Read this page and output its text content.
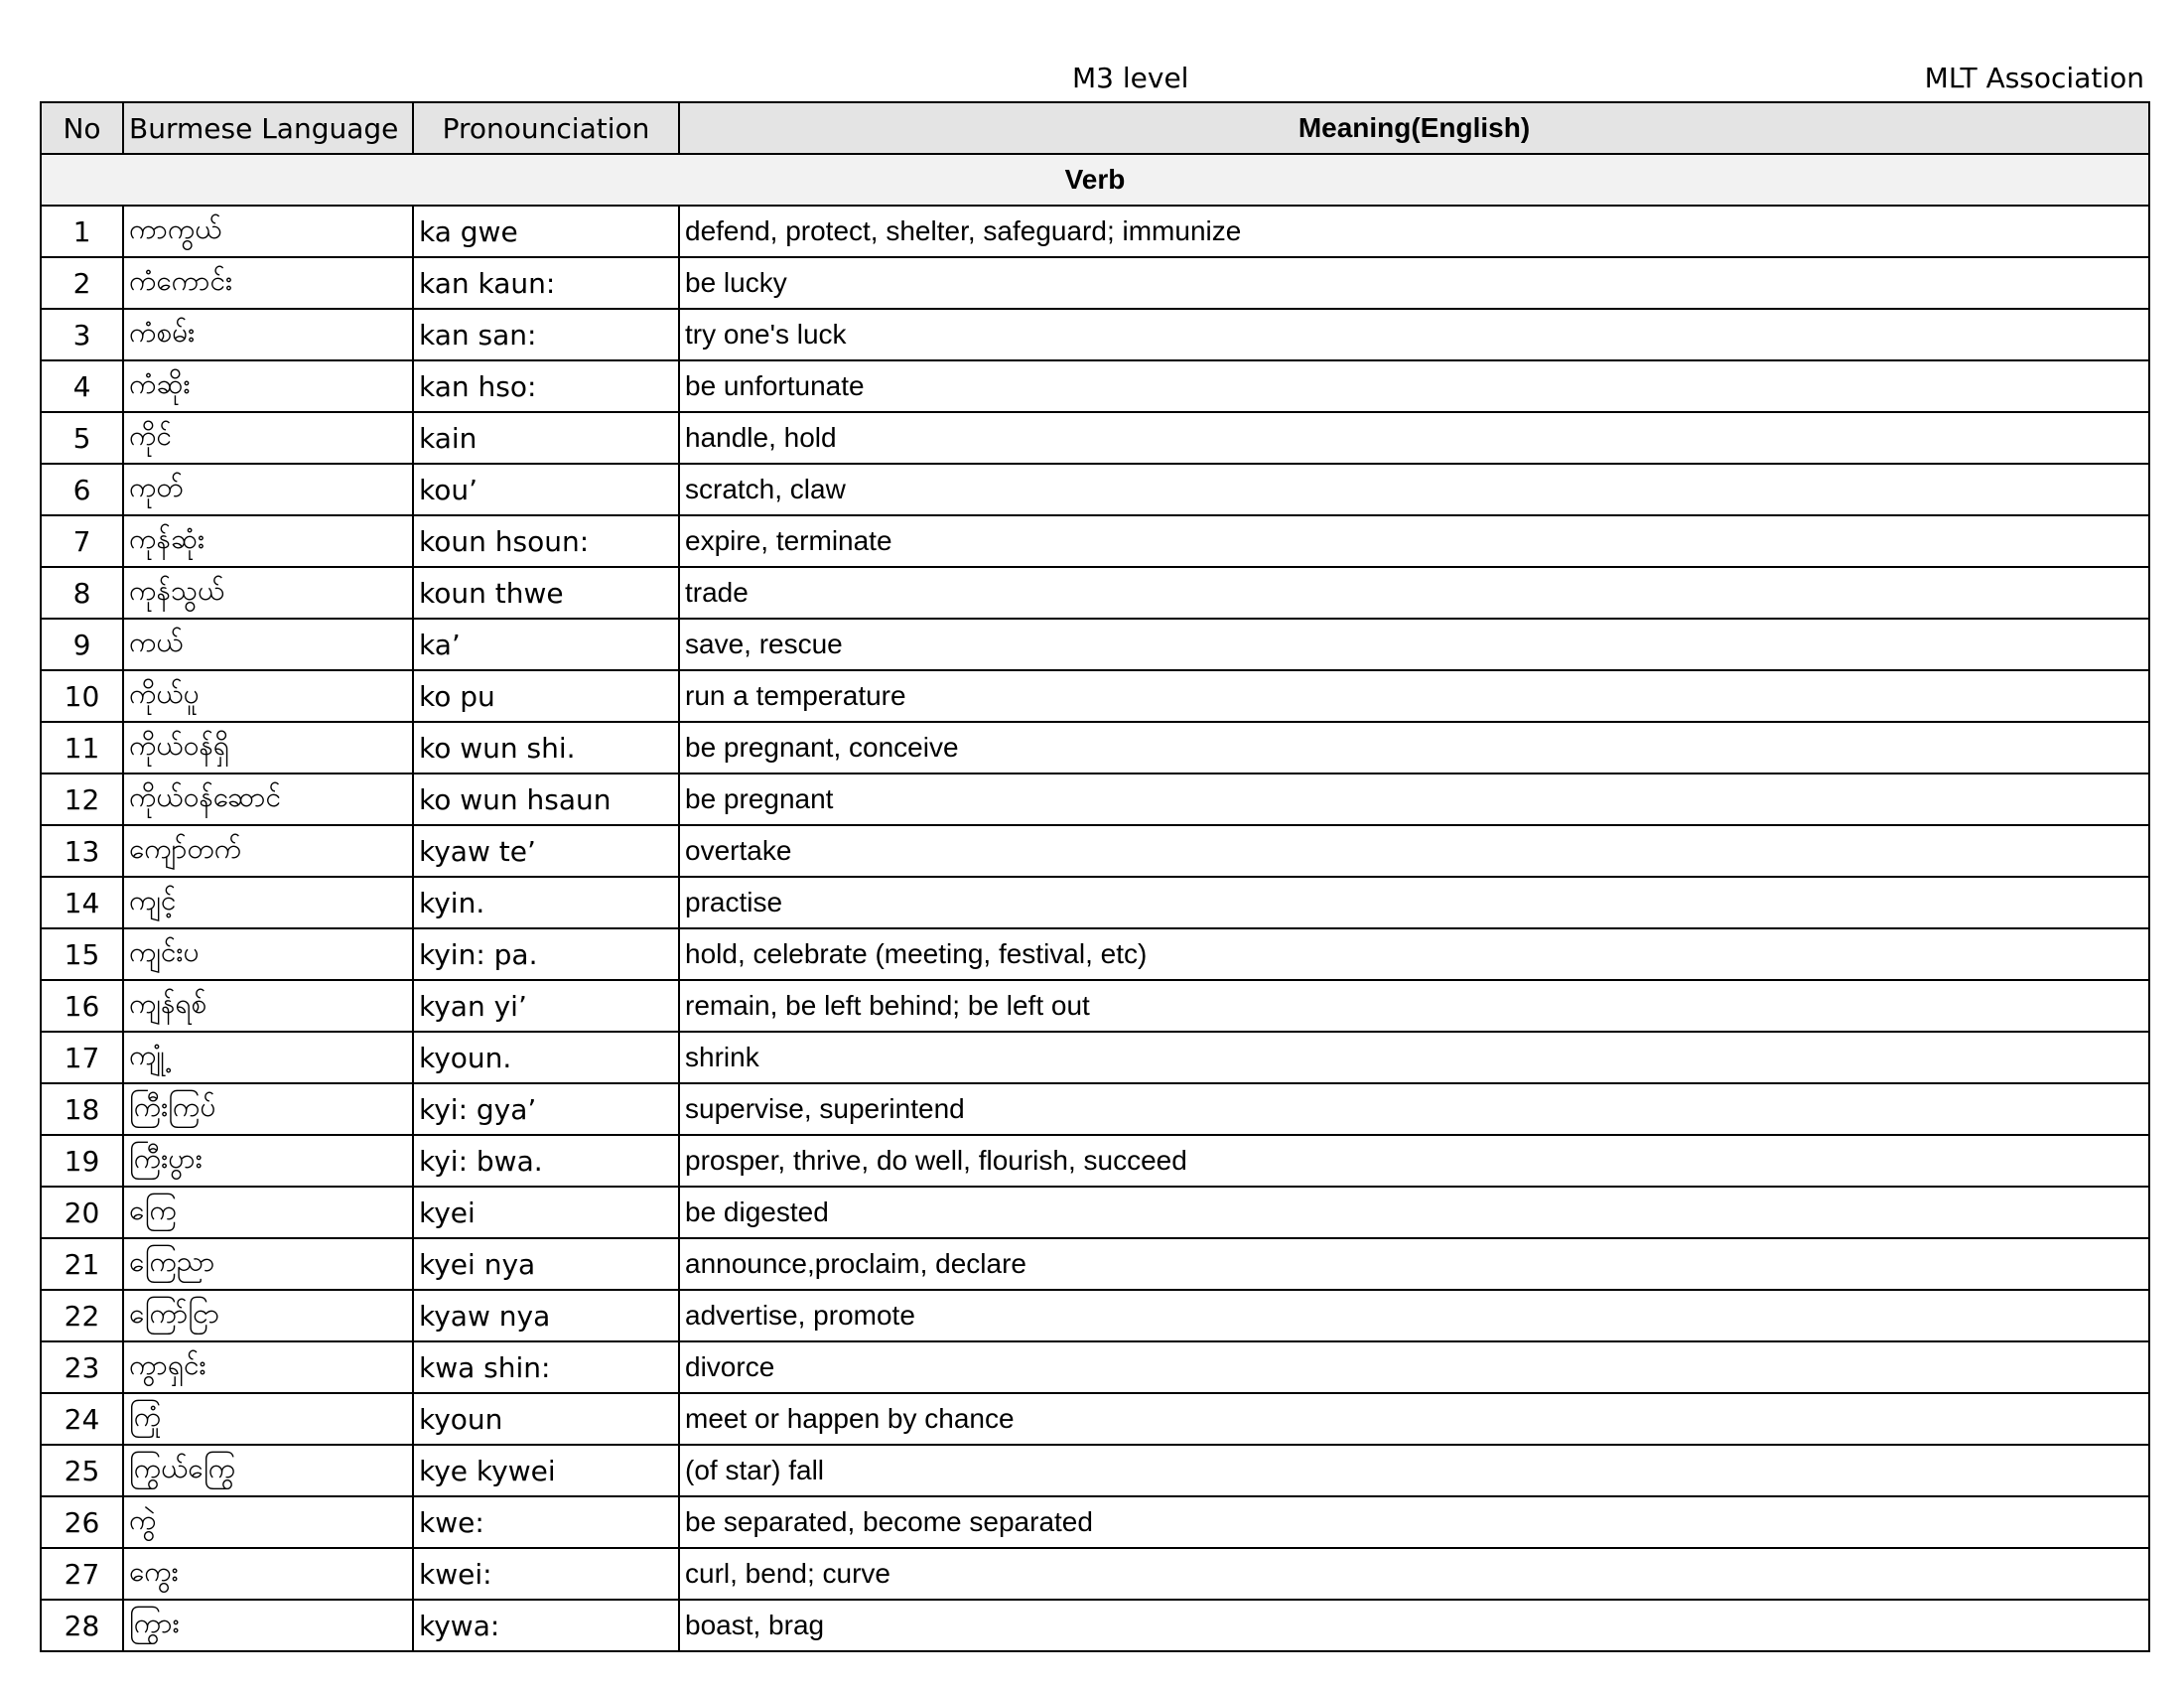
M3 level	MLT Association
No	Burmese Language	Pronounciation	Meaning(English)
Verb			
1	ကာကွယ်	ka gwe	defend, protect, shelter, safeguard; immunize
2	ကံကောင်း	kan kaun:	be lucky
3	ကံစမ်း	kan san:	try one's luck
4	ကံဆိုး	kan hso:	be unfortunate
5	ကိုင်	kain	handle, hold
6	ကုတ်	kou’	scratch, claw
7	ကုန်ဆုံး	koun hsoun:	expire, terminate
8	ကုန်သွယ်	koun thwe	trade
9	ကယ်	ka’	save, rescue
10	ကိုယ်ပူ	ko pu	run a temperature
11	ကိုယ်ဝန်ရှိ	ko wun shi.	be pregnant, conceive
12	ကိုယ်ဝန်ဆောင်	ko wun hsaun	be pregnant
13	ကျော်တက်	kyaw te’	overtake
14	ကျင့်	kyin.	practise
15	ကျင်းပ	kyin: pa.	hold, celebrate (meeting, festival, etc)
16	ကျန်ရစ်	kyan yi’	remain, be left behind; be left out
17	ကျုံ့	kyoun.	shrink
18	ကြီးကြပ်	kyi: gya’	supervise, superintend
19	ကြီးပွား	kyi: bwa.	prosper, thrive, do well, flourish, succeed
20	ကြေ	kyei	be digested
21	ကြေညာ	kyei nya	announce,proclaim, declare
22	ကြော်ငြာ	kyaw nya	advertise, promote
23	ကွာရှင်း	kwa shin:	divorce
24	ကြုံ	kyoun	meet or happen by chance
25	ကြွယ်ကြွေ	kye kywei	(of star) fall
26	ကွဲ	kwe:	be separated, become separated
27	ကွေး	kwei:	curl, bend; curve
28	ကြွား	kywa:	boast, brag
